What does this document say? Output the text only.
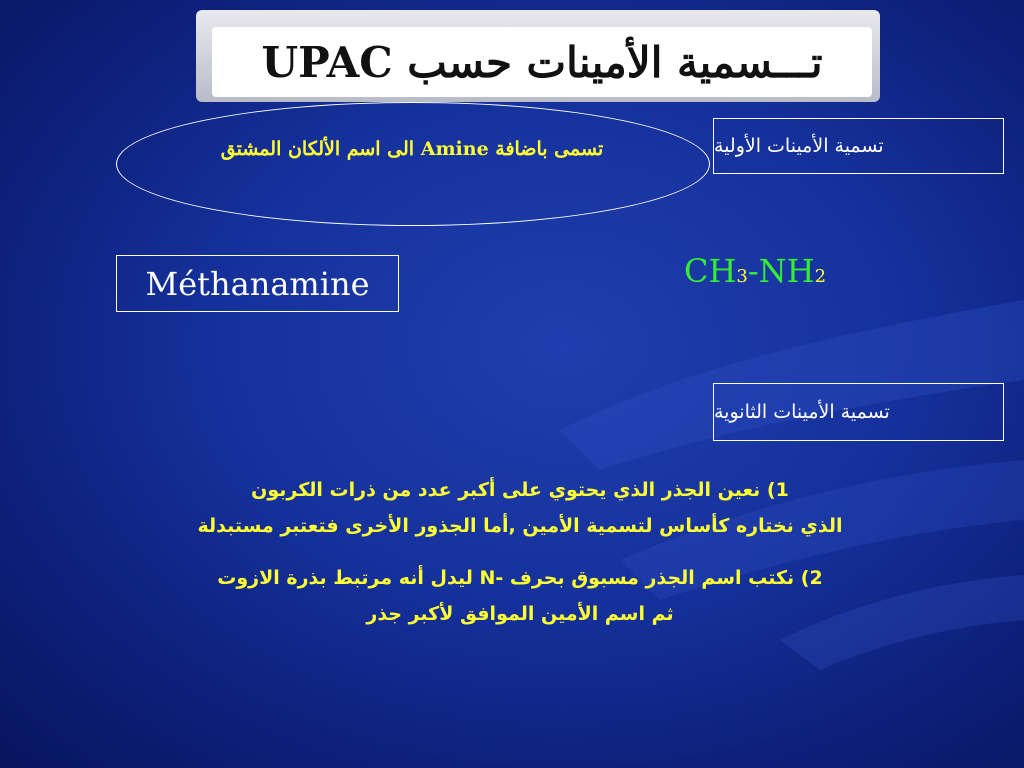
تـــسمية الأمينات حسب UPAC
تسمى باضافة Amine الى اسم الألكان المشتق	تسمية الأمينات الأولية
Méthanamine	CH3-NH2
تسمية الأمينات الثانوية
1) نعين الجذر الذي يحتوي على أكبر عدد من ذرات الكربون
الذي نختاره كأساس لتسمية الأمين ,أما الجذور الأخرى فتعتبر مستبدلة
2) نكتب اسم الجذر مسبوق بحرف -N ليدل أنه مرتبط بذرة الازوت
ثم اسم الأمين الموافق لأكبر جذر
